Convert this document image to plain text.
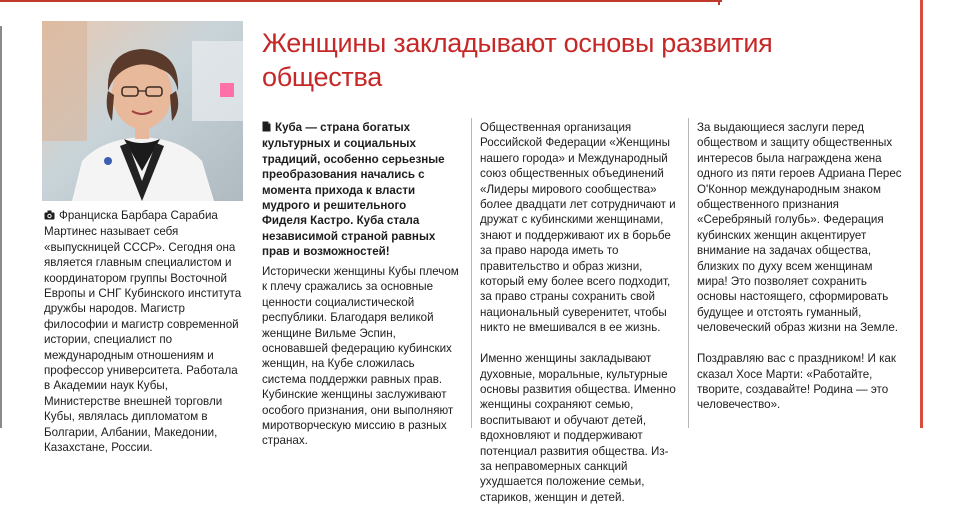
Женщины закладывают основы развития общества
Франциска Барбара Сарабиа Мартинес называет себя «выпускницей СССР». Сегодня она является главным специалистом и координатором группы Восточной Европы и СНГ Кубинского института дружбы народов. Магистр философии и магистр современной истории, специалист по международным отношениям и профессор университета. Работала в Академии наук Кубы, Министерстве внешней торговли Кубы, являлась дипломатом в Болгарии, Албании, Македонии, Казахстане, России.
Куба — страна богатых культурных и социальных традиций, особенно серьезные преобразования начались с момента прихода к власти мудрого и решительного Фиделя Кастро. Куба стала независимой страной равных прав и возможностей!
Исторически женщины Кубы плечом к плечу сражались за основные ценности социалистической республики. Благодаря великой женщине Вильме Эспин, основавшей федерацию кубинских женщин, на Кубе сложилась система поддержки равных прав. Кубинские женщины заслуживают особого признания, они выполняют миротворческую миссию в разных странах.
Общественная организация Российской Федерации «Женщины нашего города» и Международный союз общественных объединений «Лидеры мирового сообщества» более двадцати лет сотрудничают и дружат с кубинскими женщинами, знают и поддерживают их в борьбе за право народа иметь то правительство и образ жизни, который ему более всего подходит, за право страны сохранить свой национальный суверенитет, чтобы никто не вмешивался в ее жизнь.

Именно женщины закладывают духовные, моральные, культурные основы развития общества. Именно женщины сохраняют семью, воспитывают и обучают детей, вдохновляют и поддерживают потенциал развития общества. Из-за неправомерных санкций ухудшается положение семьи, стариков, женщин и детей.
За выдающиеся заслуги перед обществом и защиту общественных интересов была награждена жена одного из пяти героев Адриана Перес О'Коннор международным знаком общественного признания «Серебряный голубь». Федерация кубинских женщин акцентирует внимание на задачах общества, близких по духу всем женщинам мира! Это позволяет сохранить основы настоящего, сформировать будущее и отстоять гуманный, человеческий образ жизни на Земле.

Поздравляю вас с праздником! И как сказал Хосе Марти: «Работайте, творите, создавайте! Родина — это человечество».
